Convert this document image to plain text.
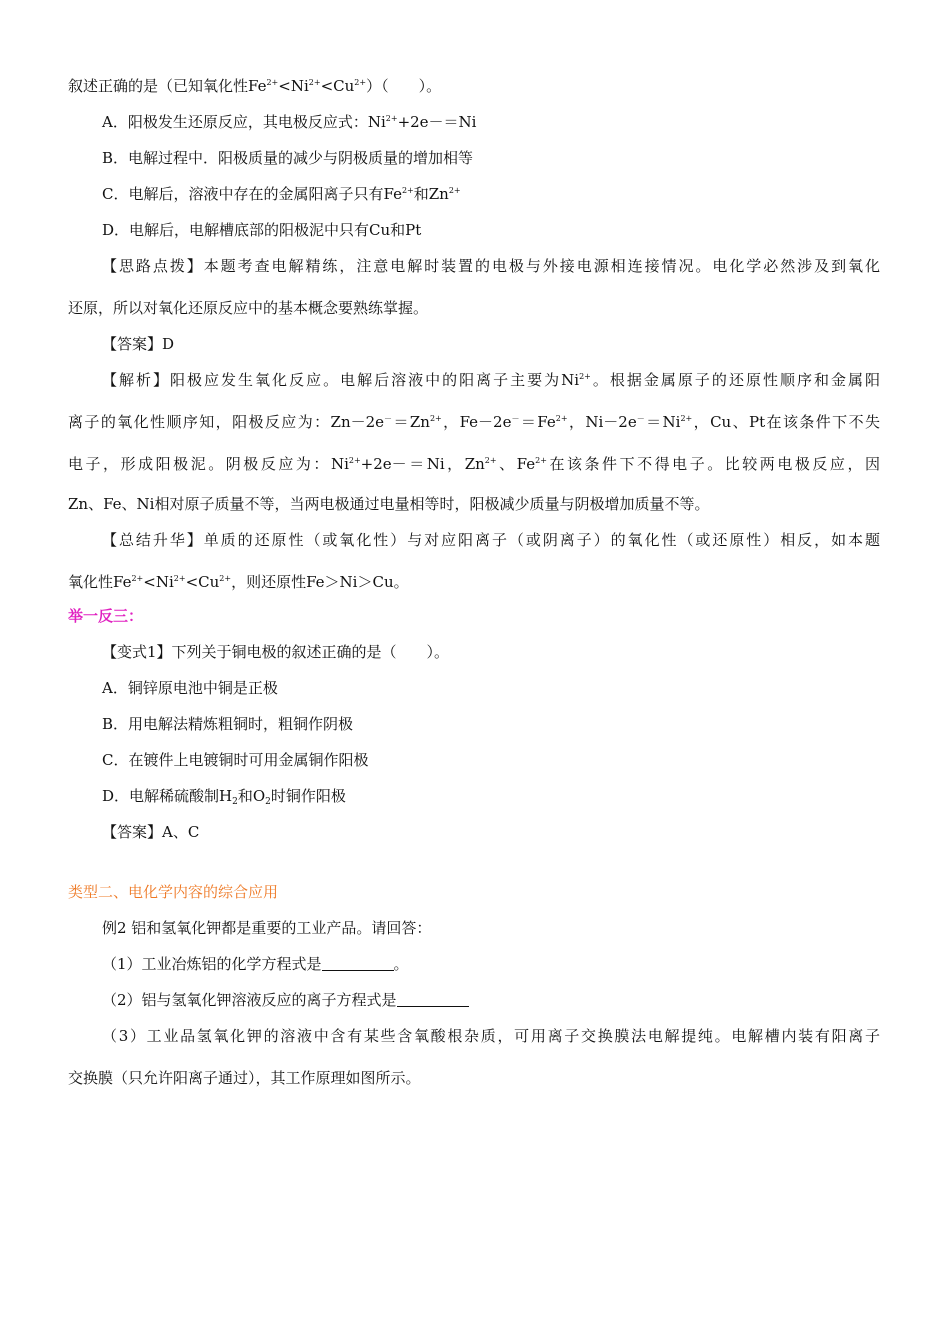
叙述正确的是（已知氧化性$Fe^{2+}<Ni^{2+}<Cu^{2+}$）（　　）。
A．阳极发生还原反应，其电极反应式：$Ni^{2+}+2e-=Ni$
B．电解过程中．阳极质量的减少与阴极质量的增加相等
C．电解后，溶液中存在的金属阳离子只有$Fe^{2+}$和$Zn^{2+}$
D．电解后，电解槽底部的阳极泥中只有Cu和Pt
【思路点拨】本题考查电解精练，注意电解时装置的电极与外接电源相连接情况。电化学必然涉及到氧化
还原，所以对氧化还原反应中的基本概念要熟练掌握。
【答案】D
【解析】阳极应发生氧化反应。电解后溶液中的阳离子主要为$Ni^{2+}$。根据金属原子的还原性顺序和金属阳
离子的氧化性顺序知，阳极反应为：$Zn-2e^-=Zn^{2+}$，$Fe-2e^-=Fe^{2+}$，$Ni-2e^-=Ni^{2+}$，Cu、Pt在该条件下不失
电子，形成阳极泥。阴极反应为：$Ni^{2+}+2e-=Ni$，$Zn^{2+}$、$Fe^{2+}$在该条件下不得电子。比较两电极反应，因
Zn、Fe、Ni相对原子质量不等，当两电极通过电量相等时，阳极减少质量与阴极增加质量不等。
【总结升华】单质的还原性（或氧化性）与对应阳离子（或阴离子）的氧化性（或还原性）相反，如本题
氧化性$Fe^{2+}<Ni^{2+}<Cu^{2+}$，则还原性Fe＞Ni＞Cu。
举一反三：
【变式1】下列关于铜电极的叙述正确的是（　　）。
A．铜锌原电池中铜是正极
B．用电解法精炼粗铜时，粗铜作阴极
C．在镀件上电镀铜时可用金属铜作阳极
D．电解稀硫酸制$H_2$和$O_2$时铜作阳极
【答案】A、C
类型二、电化学内容的综合应用
例2 铝和氢氧化钾都是重要的工业产品。请回答：
（1）工业冶炼铝的化学方程式是	。
（2）铝与氢氧化钾溶液反应的离子方程式是
（3）工业品氢氧化钾的溶液中含有某些含氧酸根杂质，可用离子交换膜法电解提纯。电解槽内装有阳离子
交换膜（只允许阳离子通过），其工作原理如图所示。
